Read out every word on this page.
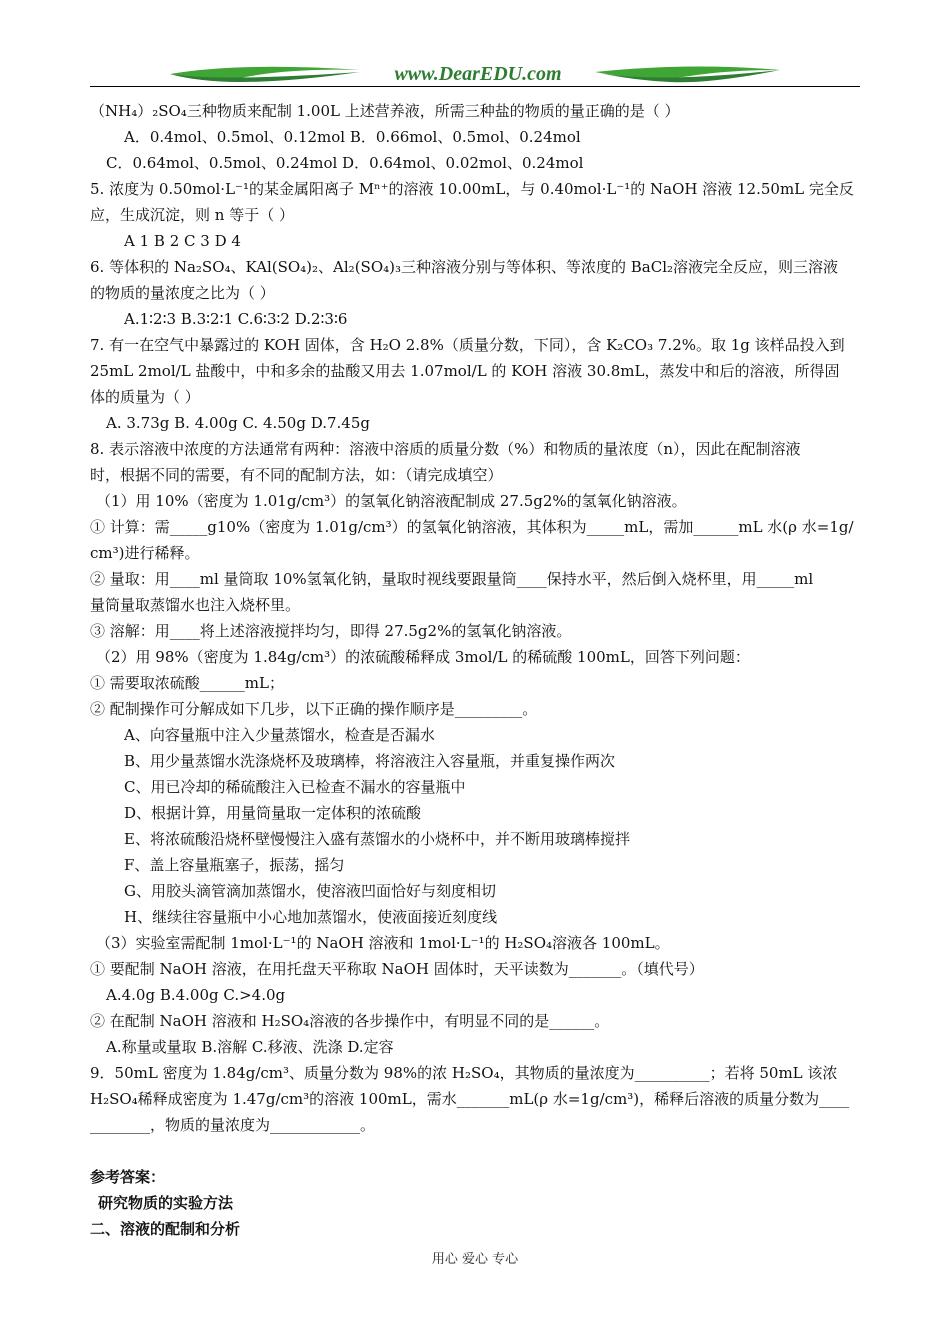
www.DearEDU.com
（NH₄）₂SO₄三种物质来配制 1.00L 上述营养液，所需三种盐的物质的量正确的是（ ）
A．0.4mol、0.5mol、0.12mol B．0.66mol、0.5mol、0.24mol
C．0.64mol、0.5mol、0.24mol D．0.64mol、0.02mol、0.24mol
5. 浓度为 0.50mol·L⁻¹的某金属阳离子 Mⁿ⁺的溶液 10.00mL，与 0.40mol·L⁻¹的 NaOH 溶液 12.50mL 完全反
应，生成沉淀，则 n 等于（ ）
A 1 B 2 C 3 D 4
6. 等体积的 Na₂SO₄、KAl(SO₄)₂、Al₂(SO₄)₃三种溶液分别与等体积、等浓度的 BaCl₂溶液完全反应，则三溶液
的物质的量浓度之比为（ ）
A.1∶2∶3 B.3∶2∶1 C.6∶3∶2 D.2∶3∶6
7. 有一在空气中暴露过的 KOH 固体，含 H₂O 2.8%（质量分数，下同），含 K₂CO₃ 7.2%。取 1g 该样品投入到
25mL 2mol/L 盐酸中，中和多余的盐酸又用去 1.07mol/L 的 KOH 溶液 30.8mL，蒸发中和后的溶液，所得固
体的质量为（ ）
A. 3.73g B. 4.00g C. 4.50g D.7.45g
8. 表示溶液中浓度的方法通常有两种：溶液中溶质的质量分数（%）和物质的量浓度（n），因此在配制溶液
时，根据不同的需要，有不同的配制方法，如：（请完成填空）
（1）用 10%（密度为 1.01g/cm³）的氢氧化钠溶液配制成 27.5g2%的氢氧化钠溶液。
① 计算：需_____g10%（密度为 1.01g/cm³）的氢氧化钠溶液，其体积为_____mL，需加______mL 水(ρ 水=1g/
cm³)进行稀释。
② 量取：用____ml 量筒取 10%氢氧化钠，量取时视线要跟量筒____保持水平，然后倒入烧杯里，用_____ml
量筒量取蒸馏水也注入烧杯里。
③ 溶解：用____将上述溶液搅拌均匀，即得 27.5g2%的氢氧化钠溶液。
（2）用 98%（密度为 1.84g/cm³）的浓硫酸稀释成 3mol/L 的稀硫酸 100mL，回答下列问题：
① 需要取浓硫酸______mL；
② 配制操作可分解成如下几步，以下正确的操作顺序是_________。
A、向容量瓶中注入少量蒸馏水，检查是否漏水
B、用少量蒸馏水洗涤烧杯及玻璃棒，将溶液注入容量瓶，并重复操作两次
C、用已冷却的稀硫酸注入已检查不漏水的容量瓶中
D、根据计算，用量筒量取一定体积的浓硫酸
E、将浓硫酸沿烧杯壁慢慢注入盛有蒸馏水的小烧杯中，并不断用玻璃棒搅拌
F、盖上容量瓶塞子，振荡，摇匀
G、用胶头滴管滴加蒸馏水，使溶液凹面恰好与刻度相切
H、继续往容量瓶中小心地加蒸馏水，使液面接近刻度线
（3）实验室需配制 1mol·L⁻¹的 NaOH 溶液和 1mol·L⁻¹的 H₂SO₄溶液各 100mL。
① 要配制 NaOH 溶液，在用托盘天平称取 NaOH 固体时，天平读数为_______。（填代号）
A.4.0g B.4.00g C.>4.0g
② 在配制 NaOH 溶液和 H₂SO₄溶液的各步操作中，有明显不同的是______。
A.称量或量取 B.溶解 C.移液、洗涤 D.定容
9．50mL 密度为 1.84g/cm³、质量分数为 98%的浓 H₂SO₄，其物质的量浓度为__________；若将 50mL 该浓
H₂SO₄稀释成密度为 1.47g/cm³的溶液 100mL，需水_______mL(ρ 水=1g/cm³)，稀释后溶液的质量分数为____
________，物质的量浓度为____________。
参考答案：
研究物质的实验方法
二、溶液的配制和分析
用心 爱心 专心
